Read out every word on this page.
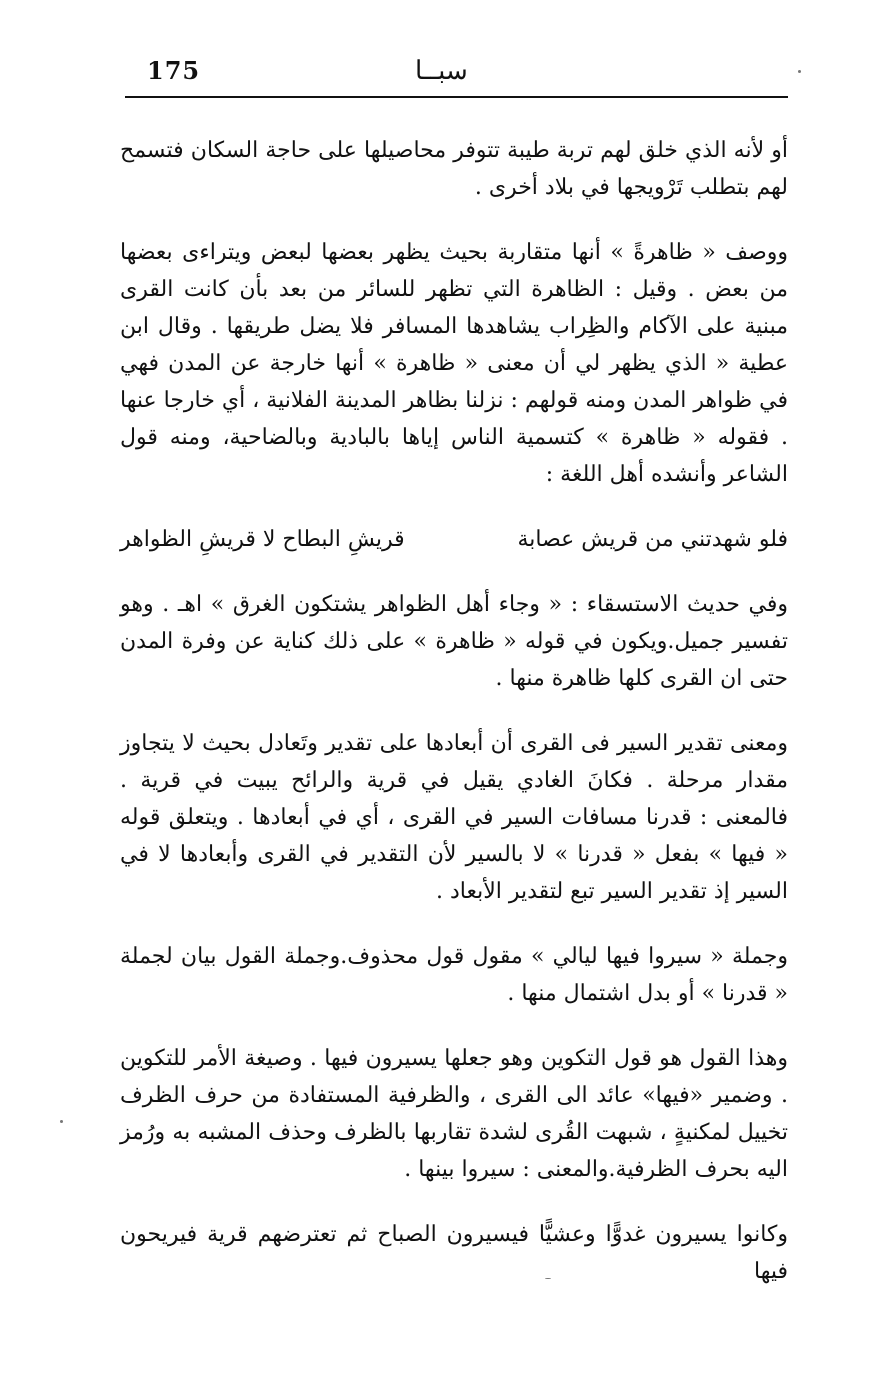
175	سبــا

أو لأنه الذي خلق لهم تربة طيبة تتوفر محاصيلها على حاجة السكان فتسمح لهم بتطلب تَرْويجها في بلاد أخرى .

ووصف « ظاهرةً » أنها متقاربة بحيث يظهر بعضها لبعض ويتراءى بعضها من بعض . وقيل : الظاهرة التي تظهر للسائر من بعد بأن كانت القرى مبنية على الآكام والظِراب يشاهدها المسافر فلا يضل طريقها . وقال ابن عطية « الذي يظهر لي أن معنى « ظاهرة » أنها خارجة عن المدن فهي في ظواهر المدن ومنه قولهم : نزلنا بظاهر المدينة الفلانية ، أي خارجا عنها . فقوله « ظاهرة » كتسمية الناس إياها بالبادية وبالضاحية، ومنه قول الشاعر وأنشده أهل اللغة :

فلو شهدتني من قريش عصابة
قريشِ البطاح لا قريشِ الظواهر

وفي حديث الاستسقاء : « وجاء أهل الظواهر يشتكون الغرق » اهـ . وهو تفسير جميل.ويكون في قوله « ظاهرة » على ذلك كناية عن وفرة المدن حتى ان القرى كلها ظاهرة منها .

ومعنى تقدير السير فى القرى أن أبعادها على تقدير وتَعادل بحيث لا يتجاوز مقدار مرحلة . فكانَ الغادي يقيل في قرية والرائح يبيت في قرية . فالمعنى : قدرنا مسافات السير في القرى ، أي في أبعادها . ويتعلق قوله « فيها » بفعل « قدرنا » لا بالسير لأن التقدير في القرى وأبعادها لا في السير إذ تقدير السير تبع لتقدير الأبعاد .

وجملة « سيروا فيها ليالي » مقول قول محذوف.وجملة القول بيان لجملة « قدرنا » أو بدل اشتمال منها .

وهذا القول هو قول التكوين وهو جعلها يسيرون فيها . وصيغة الأمر للتكوين . وضمير «فيها» عائد الى القرى ، والظرفية المستفادة من حرف الظرف تخييل لمكنيةٍ ، شبهت القُرى لشدة تقاربها بالظرف وحذف المشبه به ورُمز اليه بحرف الظرفية.والمعنى : سيروا بينها .

وكانوا يسيرون غدوًّا وعشيًّا فيسيرون الصباح ثم تعترضهم قرية فيريحون فيها
